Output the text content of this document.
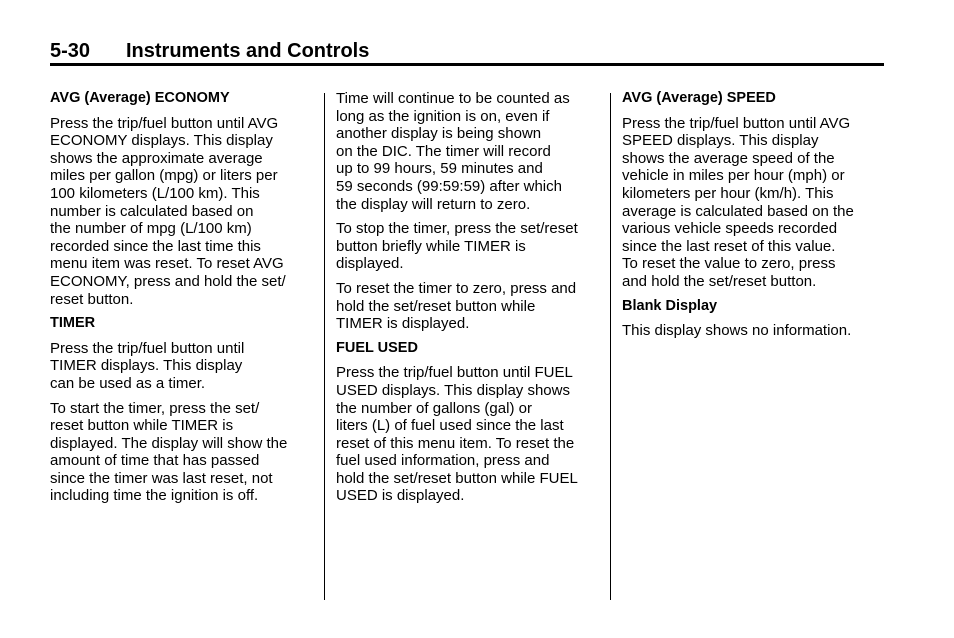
5-30 Instruments and Controls
AVG (Average) ECONOMY
Press the trip/fuel button until AVG
ECONOMY displays. This display
shows the approximate average
miles per gallon (mpg) or liters per
100 kilometers (L/100 km). This
number is calculated based on
the number of mpg (L/100 km)
recorded since the last time this
menu item was reset. To reset AVG
ECONOMY, press and hold the set/
reset button.
TIMER
Press the trip/fuel button until
TIMER displays. This display
can be used as a timer.
To start the timer, press the set/
reset button while TIMER is
displayed. The display will show the
amount of time that has passed
since the timer was last reset, not
including time the ignition is off.
Time will continue to be counted as
long as the ignition is on, even if
another display is being shown
on the DIC. The timer will record
up to 99 hours, 59 minutes and
59 seconds (99:59:59) after which
the display will return to zero.
To stop the timer, press the set/reset
button briefly while TIMER is
displayed.
To reset the timer to zero, press and
hold the set/reset button while
TIMER is displayed.
FUEL USED
Press the trip/fuel button until FUEL
USED displays. This display shows
the number of gallons (gal) or
liters (L) of fuel used since the last
reset of this menu item. To reset the
fuel used information, press and
hold the set/reset button while FUEL
USED is displayed.
AVG (Average) SPEED
Press the trip/fuel button until AVG
SPEED displays. This display
shows the average speed of the
vehicle in miles per hour (mph) or
kilometers per hour (km/h). This
average is calculated based on the
various vehicle speeds recorded
since the last reset of this value.
To reset the value to zero, press
and hold the set/reset button.
Blank Display
This display shows no information.
